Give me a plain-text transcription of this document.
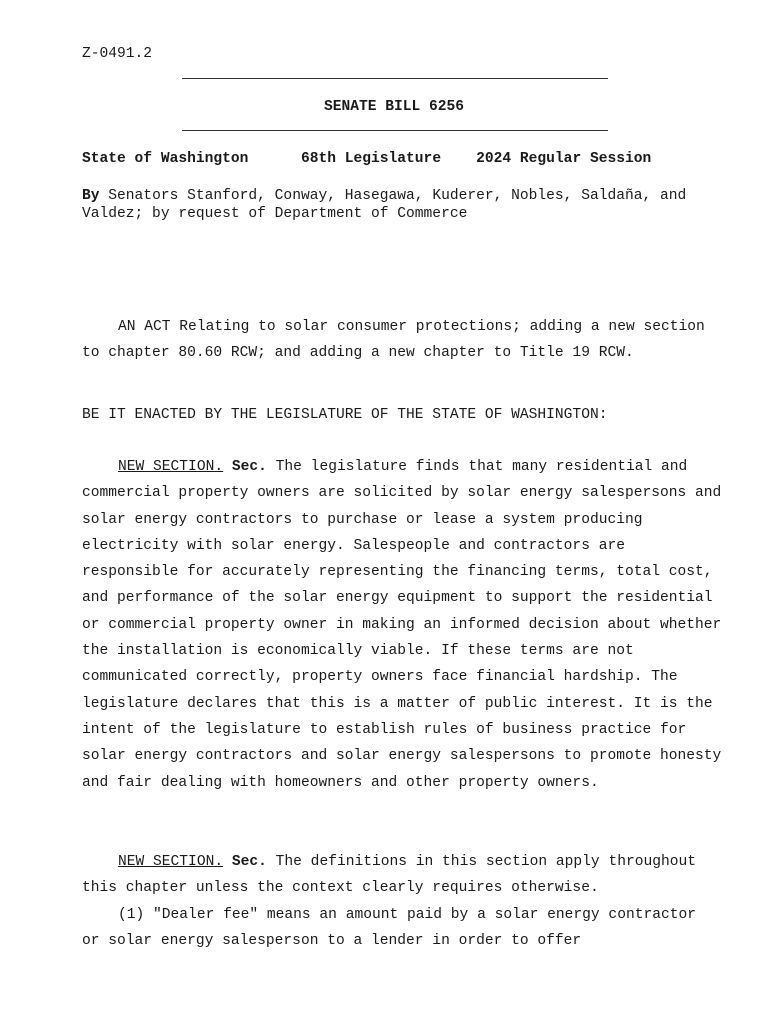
Z-0491.2
SENATE BILL 6256
State of Washington	68th Legislature 2024 Regular Session
By Senators Stanford, Conway, Hasegawa, Kuderer, Nobles, Saldaña, and Valdez; by request of Department of Commerce
AN ACT Relating to solar consumer protections; adding a new section to chapter 80.60 RCW; and adding a new chapter to Title 19 RCW.
BE IT ENACTED BY THE LEGISLATURE OF THE STATE OF WASHINGTON:
NEW SECTION. Sec. The legislature finds that many residential and commercial property owners are solicited by solar energy salespersons and solar energy contractors to purchase or lease a system producing electricity with solar energy. Salespeople and contractors are responsible for accurately representing the financing terms, total cost, and performance of the solar energy equipment to support the residential or commercial property owner in making an informed decision about whether the installation is economically viable. If these terms are not communicated correctly, property owners face financial hardship. The legislature declares that this is a matter of public interest. It is the intent of the legislature to establish rules of business practice for solar energy contractors and solar energy salespersons to promote honesty and fair dealing with homeowners and other property owners.

NEW SECTION. Sec. The definitions in this section apply throughout this chapter unless the context clearly requires otherwise.

(1) "Dealer fee" means an amount paid by a solar energy contractor or solar energy salesperson to a lender in order to offer
